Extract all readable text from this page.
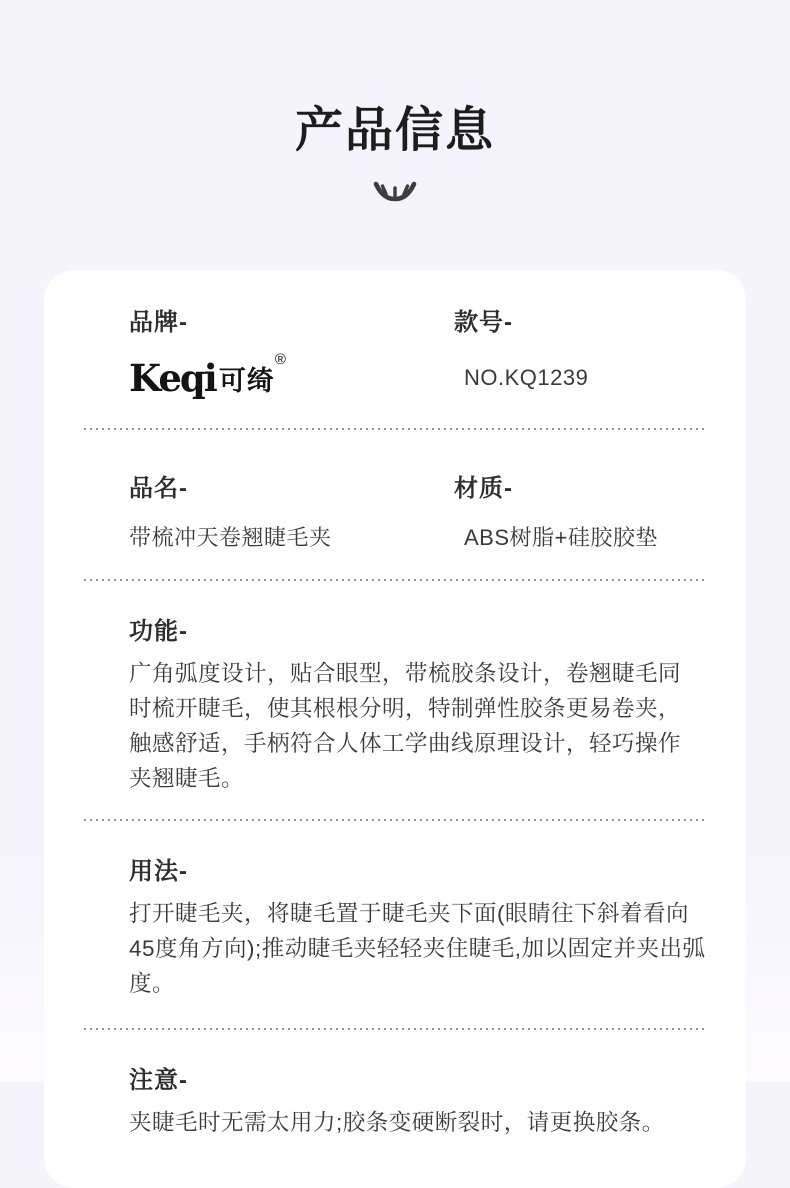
产品信息
品牌-
Keqi 可绮
®
款号-
NO.KQ1239
品名-
带梳冲天卷翘睫毛夹
材质-
ABS树脂+硅胶胶垫
功能-
广角弧度设计，贴合眼型，带梳胶条设计，卷翘睫毛同时梳开睫毛，使其根根分明，特制弹性胶条更易卷夹，触感舒适，手柄符合人体工学曲线原理设计，轻巧操作夹翘睫毛。
用法-
打开睫毛夹，将睫毛置于睫毛夹下面(眼睛往下斜着看向45度角方向);推动睫毛夹轻轻夹住睫毛,加以固定并夹出弧度。
注意-
夹睫毛时无需太用力;胶条变硬断裂时，请更换胶条。
